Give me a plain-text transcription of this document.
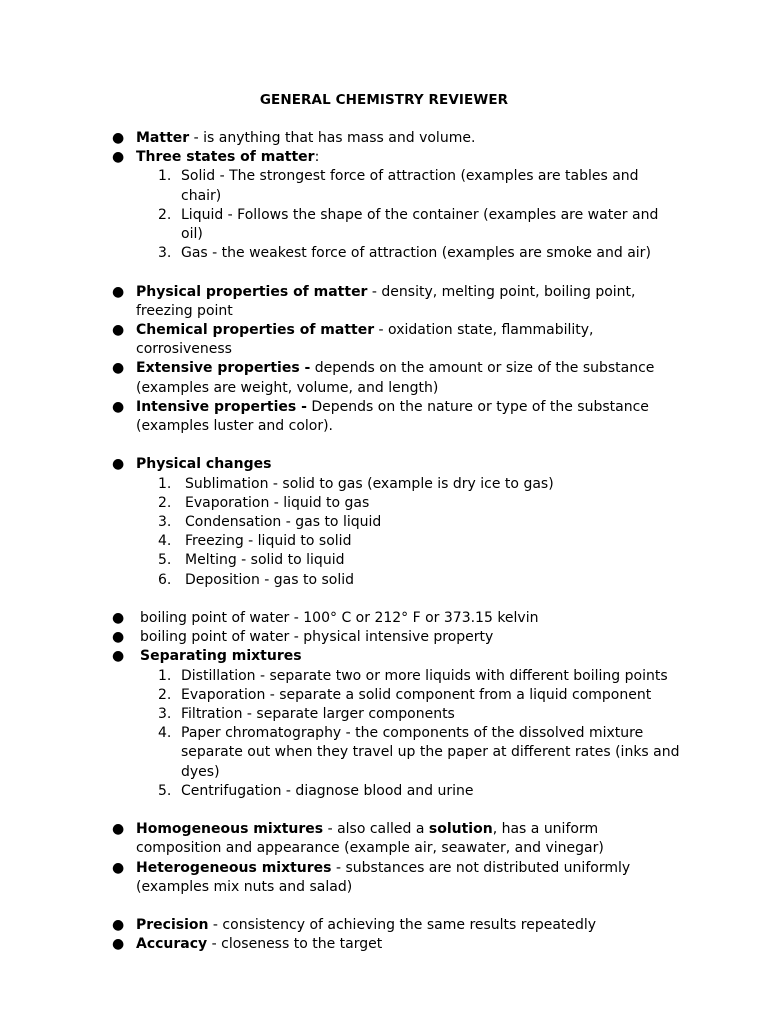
GENERAL CHEMISTRY REVIEWER
● Matter - is anything that has mass and volume.
● Three states of matter:
1. Solid - The strongest force of attraction (examples are tables and chair)
2. Liquid - Follows the shape of the container (examples are water and oil)
3. Gas - the weakest force of attraction (examples are smoke and air)
● Physical properties of matter - density, melting point, boiling point, freezing point
● Chemical properties of matter - oxidation state, flammability, corrosiveness
● Extensive properties - depends on the amount or size of the substance (examples are weight, volume, and length)
● Intensive properties - Depends on the nature or type of the substance (examples luster and color).
● Physical changes
1. Sublimation - solid to gas (example is dry ice to gas)
2. Evaporation - liquid to gas
3. Condensation - gas to liquid
4. Freezing - liquid to solid
5. Melting - solid to liquid
6. Deposition - gas to solid
● boiling point of water - 100° C or 212° F or 373.15 kelvin
● boiling point of water - physical intensive property
● Separating mixtures
1. Distillation - separate two or more liquids with different boiling points
2. Evaporation - separate a solid component from a liquid component
3. Filtration - separate larger components
4. Paper chromatography - the components of the dissolved mixture separate out when they travel up the paper at different rates (inks and dyes)
5. Centrifugation - diagnose blood and urine
● Homogeneous mixtures - also called a solution, has a uniform composition and appearance (example air, seawater, and vinegar)
● Heterogeneous mixtures - substances are not distributed uniformly (examples mix nuts and salad)
● Precision - consistency of achieving the same results repeatedly
● Accuracy - closeness to the target
